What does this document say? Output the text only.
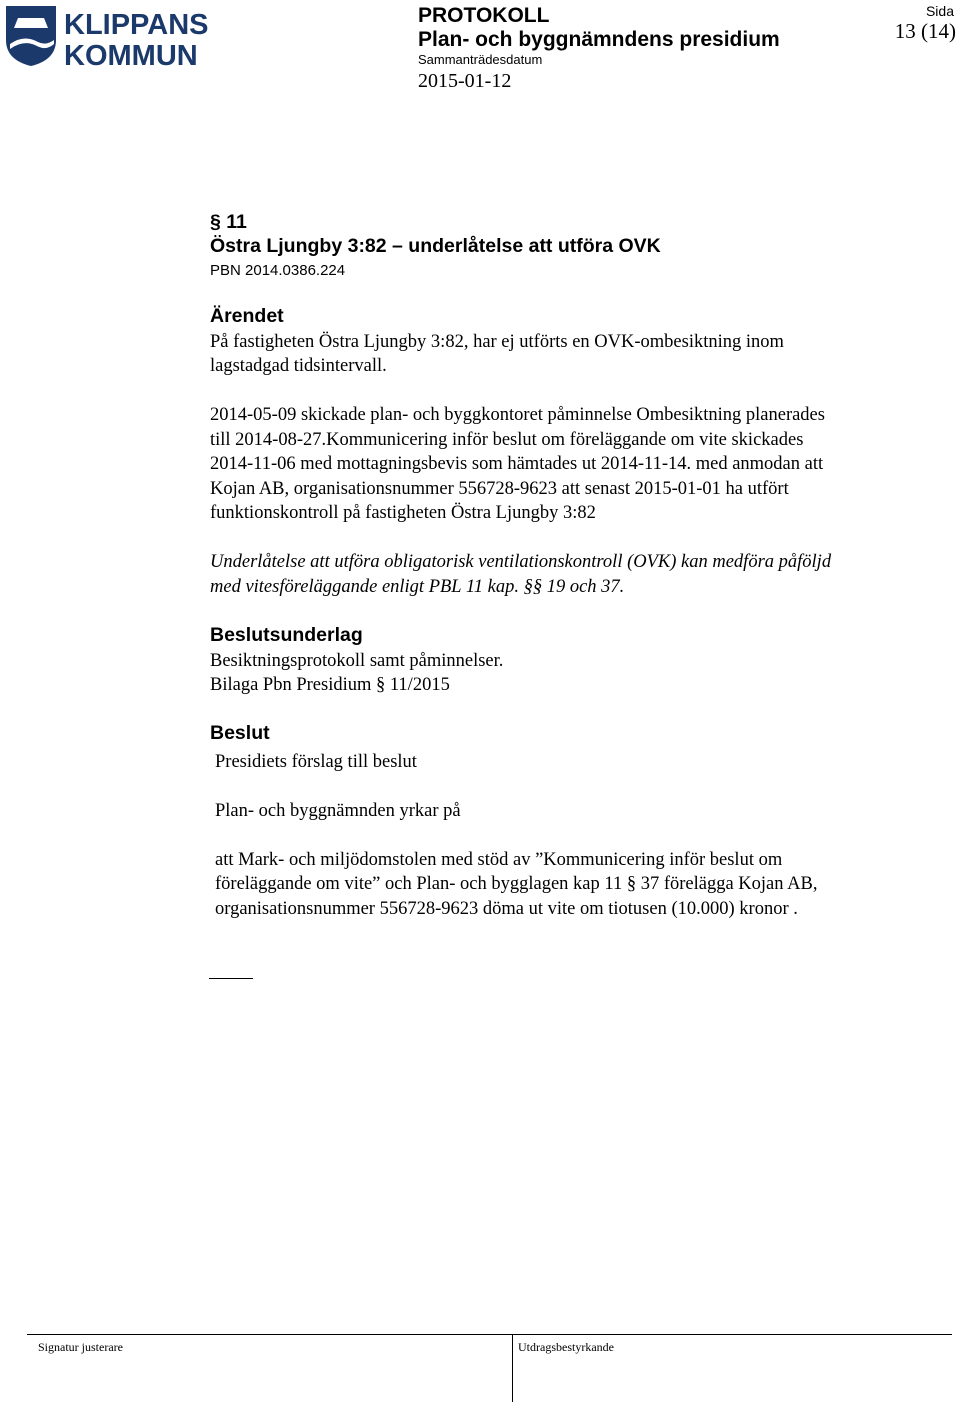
KLIPPANS
KOMMUN
PROTOKOLL
Plan- och byggnämndens presidium
Sammanträdesdatum
2015-01-12
Sida
13 (14)
§ 11
Östra Ljungby 3:82 – underlåtelse att utföra OVK
PBN 2014.0386.224
Ärendet
På fastigheten Östra Ljungby 3:82, har ej utförts en OVK-ombesiktning inom
lagstadgad tidsintervall.
2014-05-09 skickade plan- och byggkontoret påminnelse Ombesiktning planerades
till 2014-08-27.Kommunicering inför beslut om föreläggande om vite skickades
2014-11-06 med mottagningsbevis som hämtades ut 2014-11-14. med anmodan att
Kojan AB, organisationsnummer 556728-9623 att senast 2015-01-01 ha utfört
funktionskontroll på fastigheten Östra Ljungby 3:82
Underlåtelse att utföra obligatorisk ventilationskontroll (OVK) kan medföra påföljd
med vitesföreläggande enligt PBL 11 kap. §§ 19 och 37.
Beslutsunderlag
Besiktningsprotokoll samt påminnelser.
Bilaga Pbn Presidium § 11/2015
Beslut
Presidiets förslag till beslut
Plan- och byggnämnden yrkar på
att Mark- och miljödomstolen med stöd av ”Kommunicering inför beslut om
föreläggande om vite” och Plan- och bygglagen kap 11 § 37 förelägga Kojan AB,
organisationsnummer 556728-9623 döma ut vite om tiotusen (10.000) kronor .
Signatur justerare	Utdragsbestyrkande
